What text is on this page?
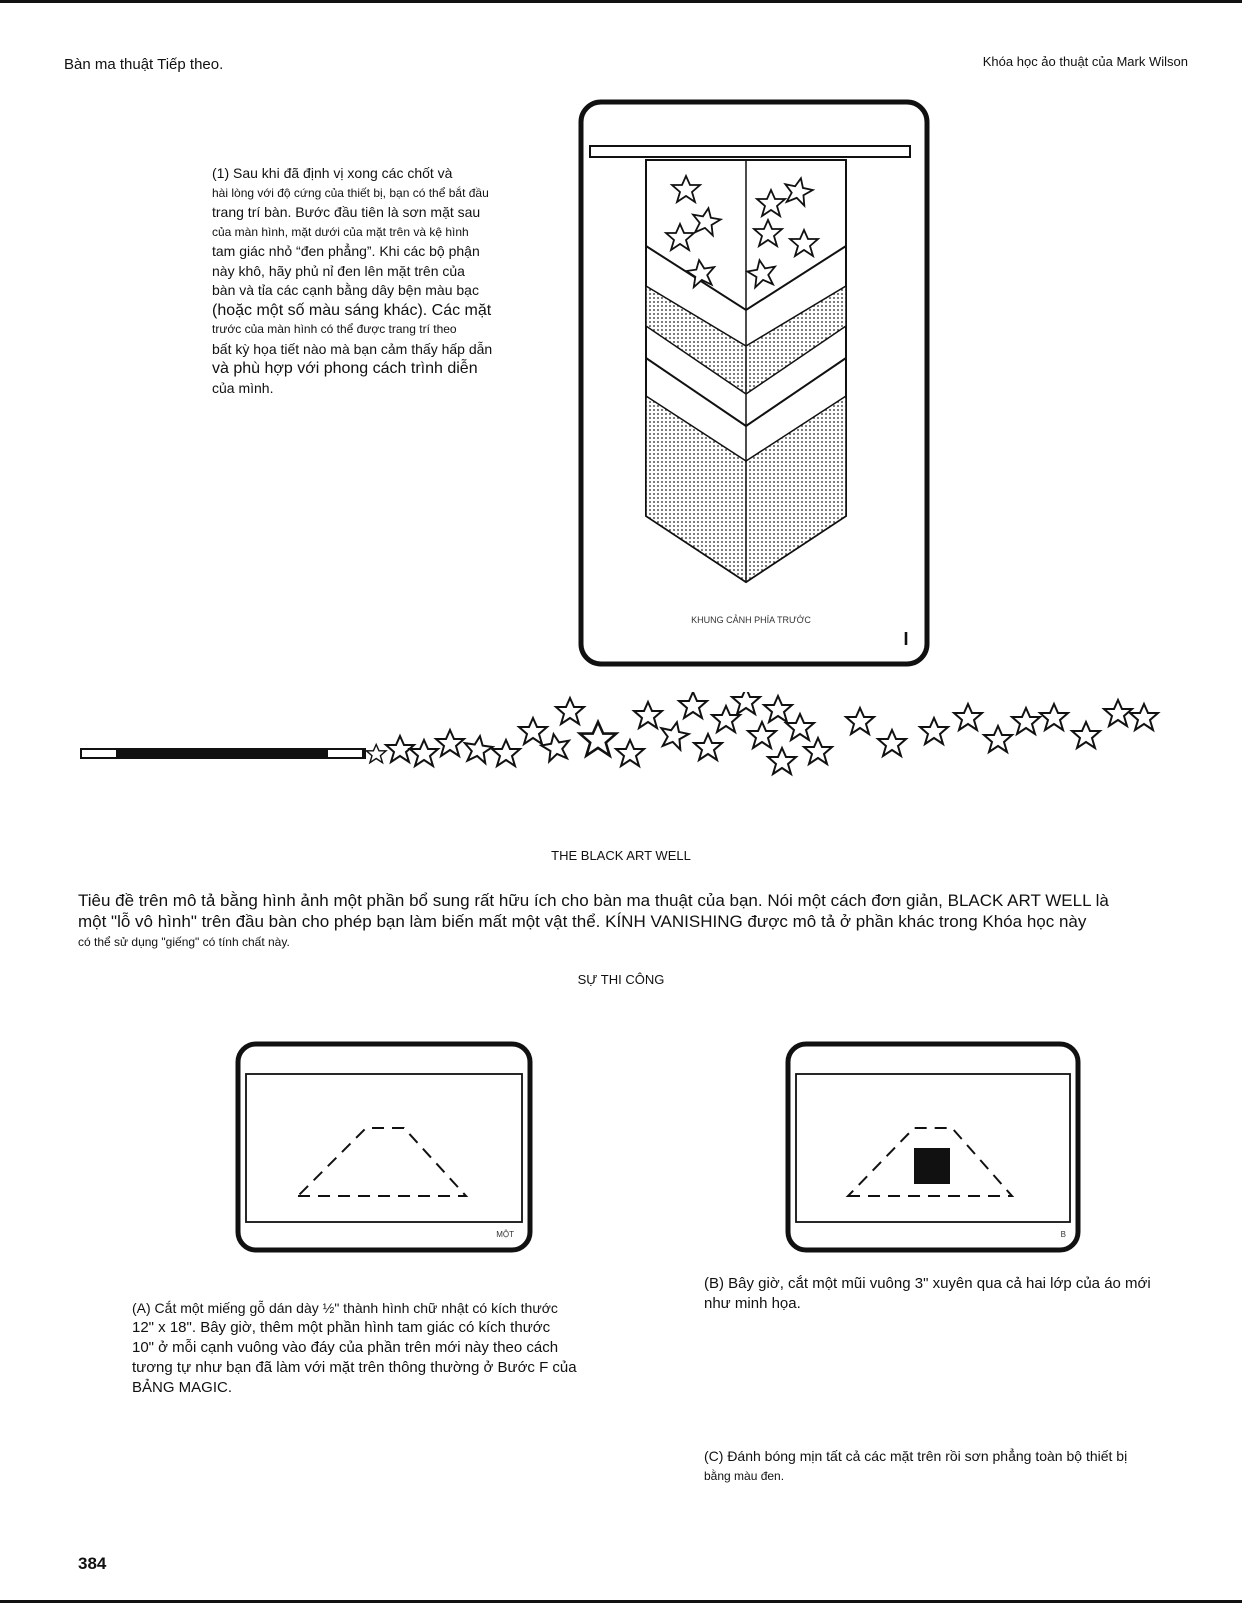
Bàn ma thuật Tiếp theo.	Khóa học ảo thuật của Mark Wilson
(1) Sau khi đã định vị xong các chốt và
hài lòng với độ cứng của thiết bị, bạn có thể bắt đầu
trang trí bàn. Bước đầu tiên là sơn mặt sau
của màn hình, mặt dưới của mặt trên và kệ hình
tam giác nhỏ “đen phẳng”. Khi các bộ phận
này khô, hãy phủ nỉ đen lên mặt trên của
bàn và tỉa các cạnh bằng dây bện màu bạc
(hoặc một số màu sáng khác). Các mặt
trước của màn hình có thể được trang trí theo
bất kỳ họa tiết nào mà bạn cảm thấy hấp dẫn
và phù hợp với phong cách trình diễn
của mình.
KHUNG CẢNH PHÍA TRƯỚC
I
THE BLACK ART WELL
Tiêu đề trên mô tả bằng hình ảnh một phần bổ sung rất hữu ích cho bàn ma thuật của bạn. Nói một cách đơn giản, BLACK ART WELL là
một "lỗ vô hình" trên đầu bàn cho phép bạn làm biến mất một vật thể. KÍNH VANISHING được mô tả ở phần khác trong Khóa học này
có thể sử dụng "giếng" có tính chất này.
SỰ THI CÔNG
MỘT	B
(A) Cắt một miếng gỗ dán dày ½" thành hình chữ nhật có kích thước
12" x 18". Bây giờ, thêm một phần hình tam giác có kích thước
10" ở mỗi cạnh vuông vào đáy của phần trên mới này theo cách
tương tự như bạn đã làm với mặt trên thông thường ở Bước F của
BẢNG MAGIC.
(B) Bây giờ, cắt một mũi vuông 3" xuyên qua cả hai lớp của áo mới
như minh họa.
(C) Đánh bóng mịn tất cả các mặt trên rồi sơn phẳng toàn bộ thiết bị
bằng màu đen.
384
